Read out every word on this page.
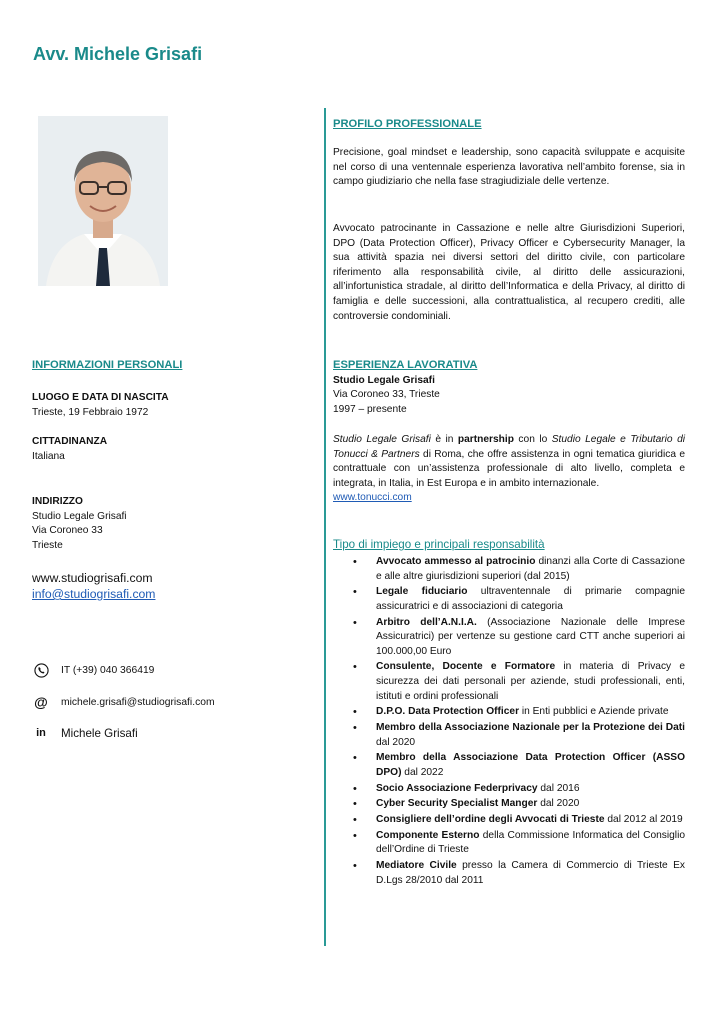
Avv. Michele Grisafi
INFORMAZIONI PERSONALI
LUOGO E DATA DI NASCITA
Trieste, 19 Febbraio 1972
CITTADINANZA
Italiana
INDIRIZZO
Studio Legale Grisafi
Via Coroneo 33
Trieste
www.studiogrisafi.com
info@studiogrisafi.com
IT (+39) 040 366419
@ michele.grisafi@studiogrisafi.com
in Michele Grisafi
PROFILO PROFESSIONALE
Precisione, goal mindset e leadership, sono capacità sviluppate e acquisite nel corso di una ventennale esperienza lavorativa nell’ambito forense, sia in campo giudiziario che nella fase stragiudiziale delle vertenze.
Avvocato patrocinante in Cassazione e nelle altre Giurisdizioni Superiori, DPO (Data Protection Officer), Privacy Officer e Cybersecurity Manager, la sua attività spazia nei diversi settori del diritto civile, con particolare riferimento alla responsabilità civile, al diritto delle assicurazioni, all’infortunistica stradale, al diritto dell’Informatica e della Privacy, al diritto di famiglia e delle successioni, alla contrattualistica, al recupero crediti, alle controversie condominiali.
ESPERIENZA LAVORATIVA
Studio Legale Grisafi
Via Coroneo 33, Trieste
1997 – presente
Studio Legale Grisafi è in partnership con lo Studio Legale e Tributario di Tonucci & Partners di Roma, che offre assistenza in ogni tematica giuridica e contrattuale con un’assistenza professionale di alto livello, completa e integrata, in Italia, in Est Europa e in ambito internazionale.
www.tonucci.com
Tipo di impiego e principali responsabilità
• Avvocato ammesso al patrocinio dinanzi alla Corte di Cassazione e alle altre giurisdizioni superiori (dal 2015)
• Legale fiduciario ultraventennale di primarie compagnie assicuratrici e di associazioni di categoria
• Arbitro dell’A.N.I.A. (Associazione Nazionale delle Imprese Assicuratrici) per vertenze su gestione card CTT anche superiori ai 100.000,00 Euro
• Consulente, Docente e Formatore in materia di Privacy e sicurezza dei dati personali per aziende, studi professionali, enti, istituti e ordini professionali
• D.P.O. Data Protection Officer in Enti pubblici e Aziende private
• Membro della Associazione Nazionale per la Protezione dei Dati dal 2020
• Membro della Associazione Data Protection Officer (ASSO DPO) dal 2022
• Socio Associazione Federprivacy dal 2016
• Cyber Security Specialist Manger dal 2020
• Consigliere dell’ordine degli Avvocati di Trieste dal 2012 al 2019
• Componente Esterno della Commissione Informatica del Consiglio dell’Ordine di Trieste
• Mediatore Civile presso la Camera di Commercio di Trieste Ex D.Lgs 28/2010 dal 2011
